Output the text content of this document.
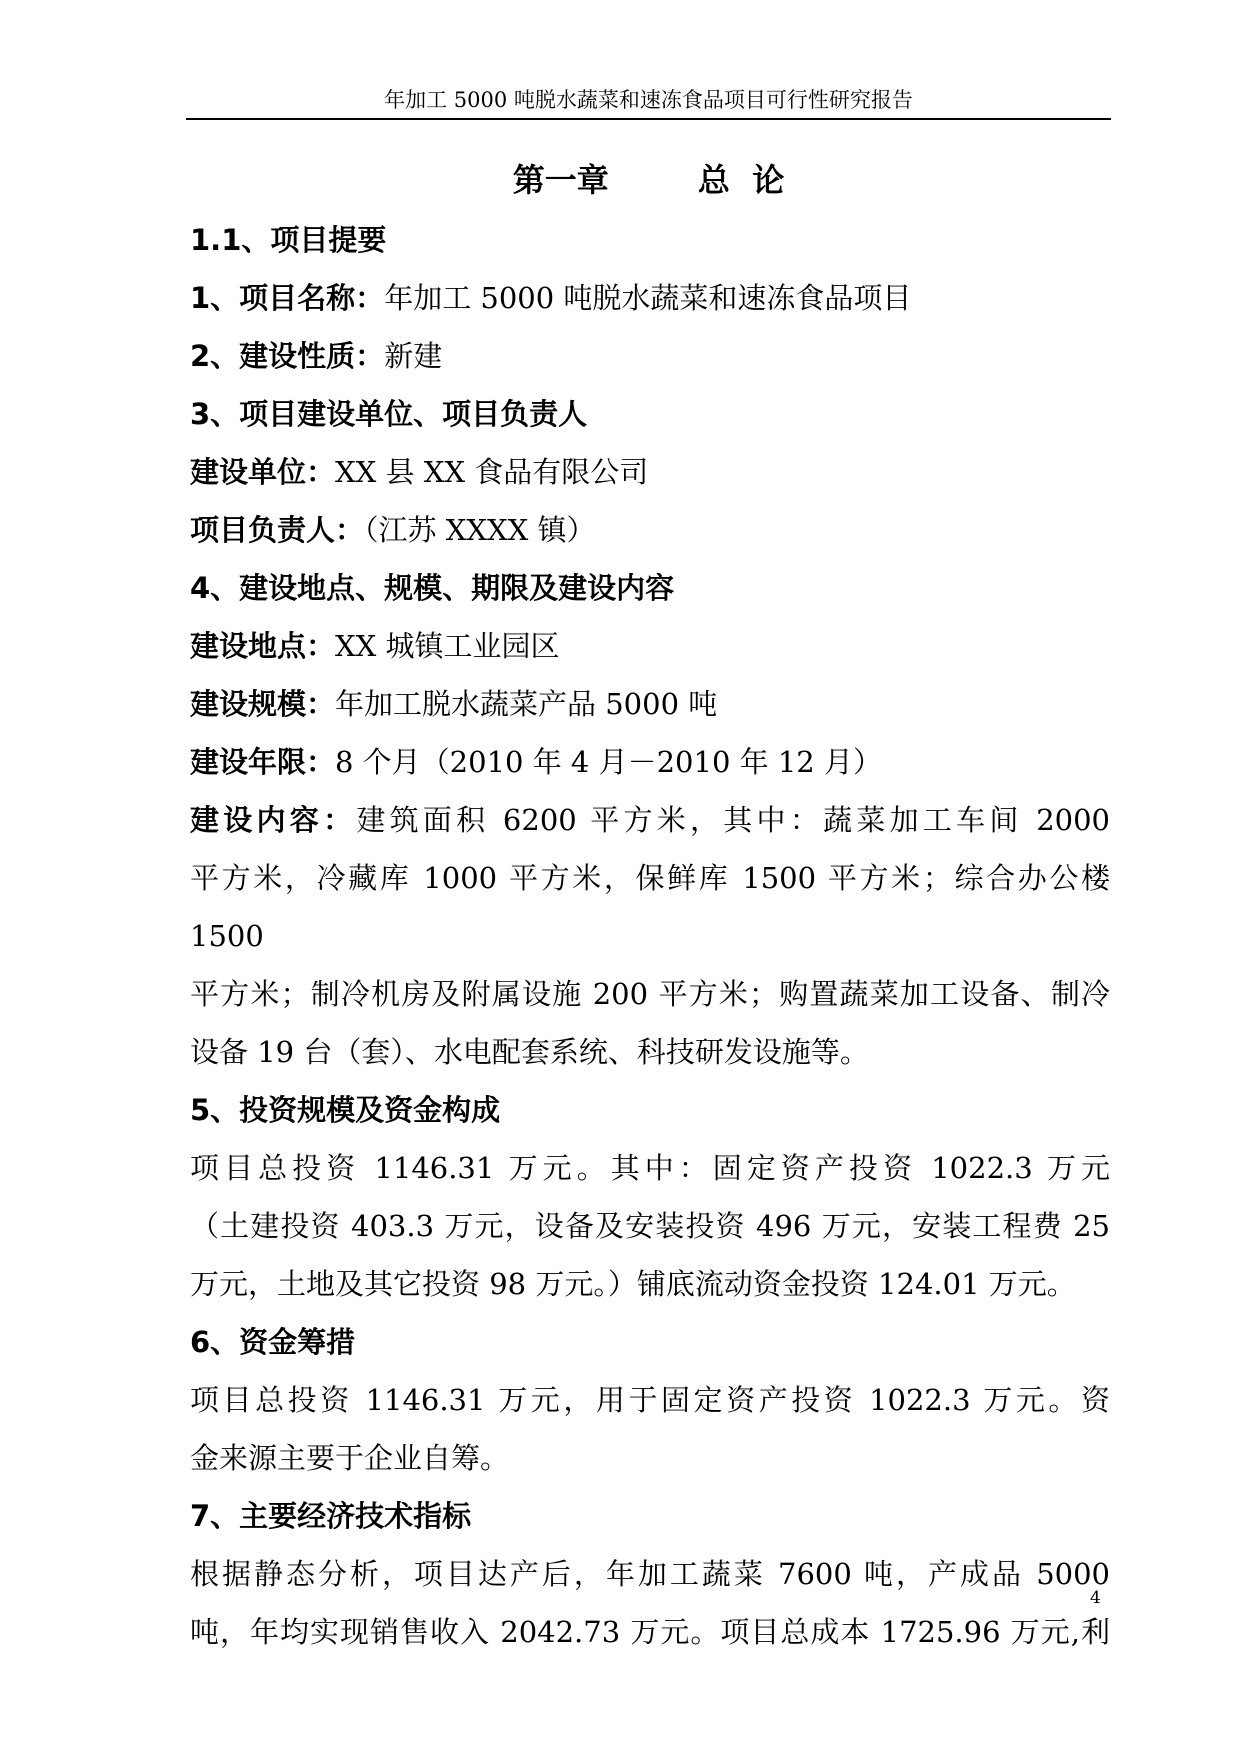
年加工 5000 吨脱水蔬菜和速冻食品项目可行性研究报告
第一章        总  论

1.1、项目提要

1、项目名称：年加工 5000 吨脱水蔬菜和速冻食品项目

2、建设性质：新建

3、项目建设单位、项目负责人

建设单位：XX 县 XX 食品有限公司

项目负责人：（江苏 XXXX 镇）

4、建设地点、规模、期限及建设内容

建设地点：XX 城镇工业园区

建设规模：年加工脱水蔬菜产品 5000 吨

建设年限：8 个月（2010 年 4 月－2010 年 12 月）

建设内容：建筑面积 6200 平方米，其中：蔬菜加工车间 2000

平方米，冷藏库 1000 平方米，保鲜库 1500 平方米；综合办公楼 1500

平方米；制冷机房及附属设施 200 平方米；购置蔬菜加工设备、制冷

设备 19 台（套）、水电配套系统、科技研发设施等。

5、投资规模及资金构成

项目总投资 1146.31 万元。其中：固定资产投资 1022.3 万元

（土建投资 403.3 万元，设备及安装投资 496 万元，安装工程费 25

万元，土地及其它投资 98 万元。）铺底流动资金投资 124.01 万元。

6、资金筹措

项目总投资 1146.31 万元，用于固定资产投资 1022.3 万元。资

金来源主要于企业自筹。

7、主要经济技术指标

根据静态分析，项目达产后，年加工蔬菜 7600 吨，产成品 5000

吨，年均实现销售收入 2042.73 万元。项目总成本 1725.96 万元,利

4
